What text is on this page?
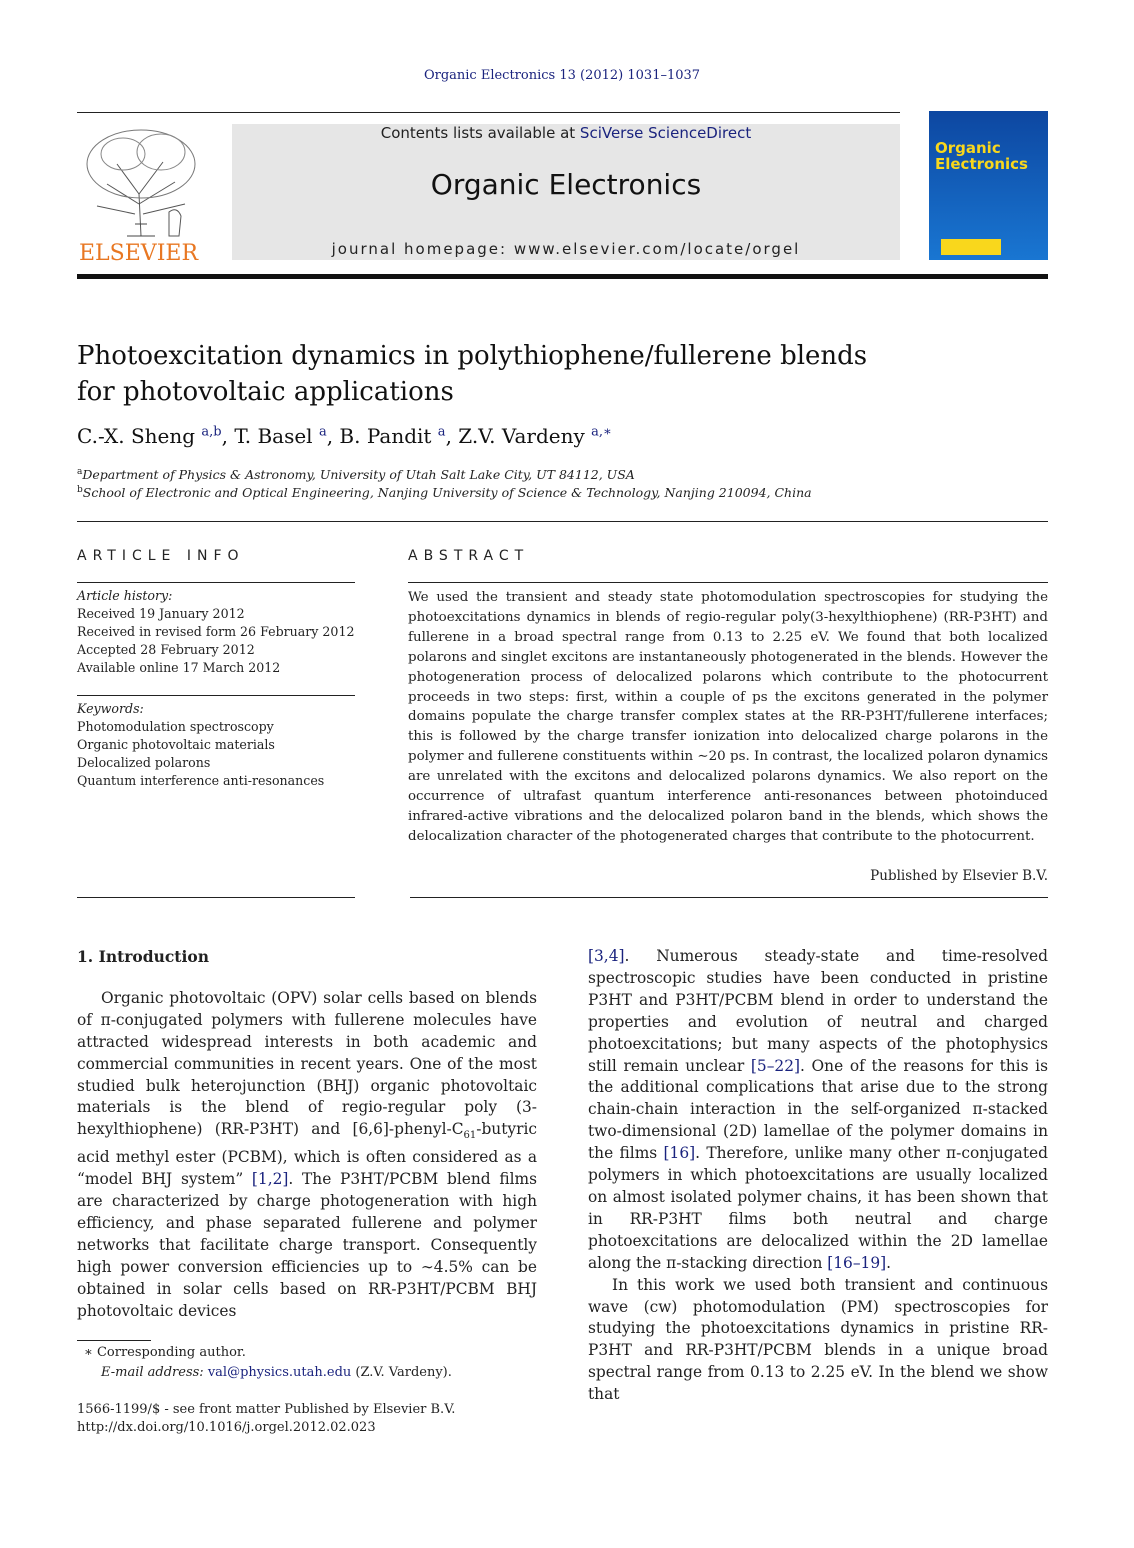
Organic Electronics 13 (2012) 1031–1037
ELSEVIER
Contents lists available at SciVerse ScienceDirect
Organic Electronics
journal homepage: www.elsevier.com/locate/orgel
Organic
Electronics
Photoexcitation dynamics in polythiophene/fullerene blends
for photovoltaic applications
C.-X. Sheng $^{a,b}$, T. Basel $^a$, B. Pandit $^a$, Z.V. Vardeny $^{a,∗}$
$^a$Department of Physics & Astronomy, University of Utah Salt Lake City, UT 84112, USA
$^b$School of Electronic and Optical Engineering, Nanjing University of Science & Technology, Nanjing 210094, China
ARTICLE INFO
Article history:
Received 19 January 2012
Received in revised form 26 February 2012
Accepted 28 February 2012
Available online 17 March 2012
Keywords:
Photomodulation spectroscopy
Organic photovoltaic materials
Delocalized polarons
Quantum interference anti-resonances
ABSTRACT
We used the transient and steady state photomodulation spectroscopies for studying the photoexcitations dynamics in blends of regio-regular poly(3-hexylthiophene) (RR-P3HT) and fullerene in a broad spectral range from 0.13 to 2.25 eV. We found that both localized polarons and singlet excitons are instantaneously photogenerated in the blends. However the photogeneration process of delocalized polarons which contribute to the photocurrent proceeds in two steps: first, within a couple of ps the excitons generated in the polymer domains populate the charge transfer complex states at the RR-P3HT/fullerene interfaces; this is followed by the charge transfer ionization into delocalized charge polarons in the polymer and fullerene constituents within ∼20 ps. In contrast, the localized polaron dynamics are unrelated with the excitons and delocalized polarons dynamics. We also report on the occurrence of ultrafast quantum interference anti-resonances between photoinduced infrared-active vibrations and the delocalized polaron band in the blends, which shows the delocalization character of the photogenerated charges that contribute to the photocurrent.
Published by Elsevier B.V.
1. Introduction

Organic photovoltaic (OPV) solar cells based on blends of π-conjugated polymers with fullerene molecules have attracted widespread interests in both academic and commercial communities in recent years. One of the most studied bulk heterojunction (BHJ) organic photovoltaic materials is the blend of regio-regular poly (3-hexylthiophene) (RR-P3HT) and $[6,6]-phenyl-C_{61}$-butyric acid methyl ester (PCBM), which is often considered as a “model BHJ system” [1,2]. The P3HT/PCBM blend films are characterized by charge photogeneration with high efficiency, and phase separated fullerene and polymer networks that facilitate charge transport. Consequently high power conversion efficiencies up to ∼4.5% can be obtained in solar cells based on RR-P3HT/PCBM BHJ photovoltaic devices

[3,4]. Numerous steady-state and time-resolved spectroscopic studies have been conducted in pristine P3HT and P3HT/PCBM blend in order to understand the properties and evolution of neutral and charged photoexcitations; but many aspects of the photophysics still remain unclear [5–22]. One of the reasons for this is the additional complications that arise due to the strong chain-chain interaction in the self-organized π-stacked two-dimensional (2D) lamellae of the polymer domains in the films [16]. Therefore, unlike many other π-conjugated polymers in which photoexcitations are usually localized on almost isolated polymer chains, it has been shown that in RR-P3HT films both neutral and charge photoexcitations are delocalized within the 2D lamellae along the π-stacking direction [16–19].

In this work we used both transient and continuous wave (cw) photomodulation (PM) spectroscopies for studying the photoexcitations dynamics in pristine RR-P3HT and RR-P3HT/PCBM blends in a unique broad spectral range from 0.13 to 2.25 eV. In the blend we show that

∗ Corresponding author.
E-mail address: val@physics.utah.edu (Z.V. Vardeny).
1566-1199/$ - see front matter Published by Elsevier B.V.
http://dx.doi.org/10.1016/j.orgel.2012.02.023
